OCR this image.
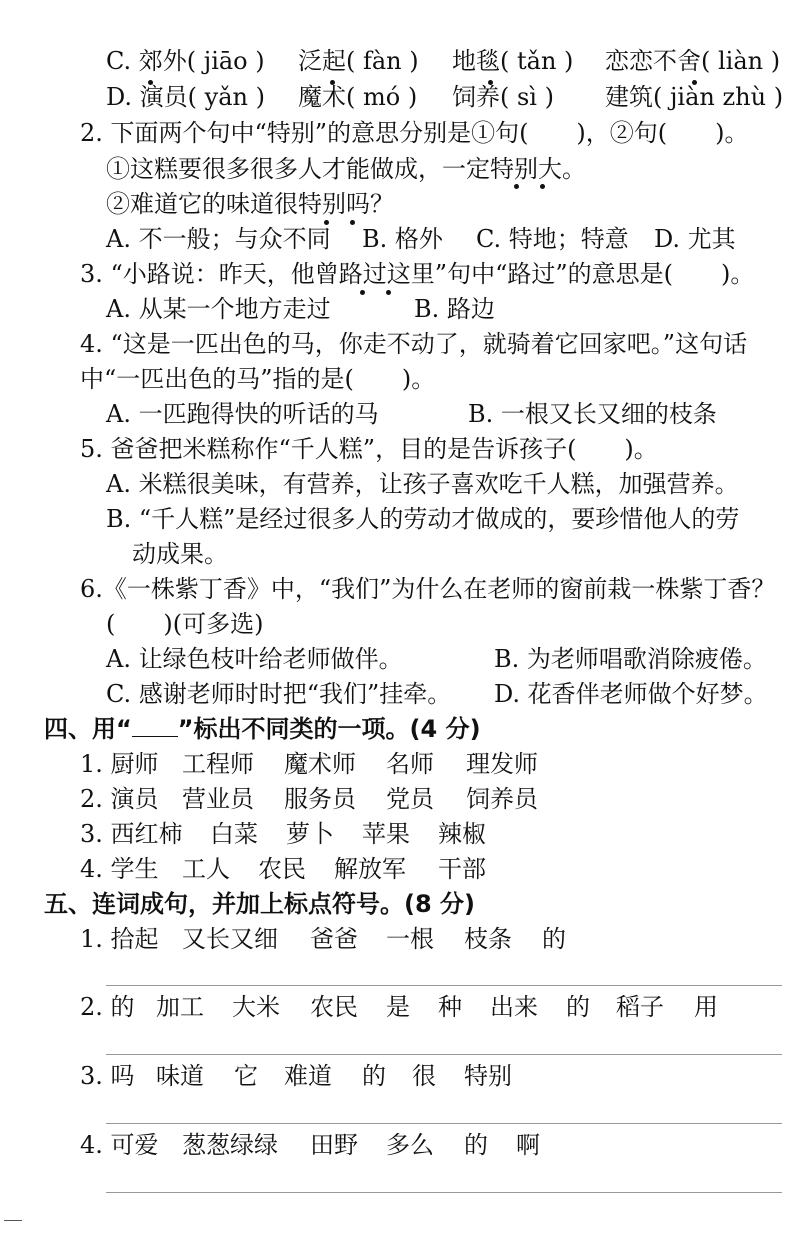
C. 郊外( jiāo ) 泛起( fàn ) 地毯( tǎn ) 恋恋不舍( liàn )
D. 演员( yǎn ) 魔术( mó ) 饲养( sì ) 建筑( jiàn zhù )
2. 下面两个句中“特别”的意思分别是①句(　　)，②句(　　)。
①这糕要很多很多人才能做成，一定特别大。
②难道它的味道很特别吗？
A. 不一般；与众不同 B. 格外 C. 特地；特意 D. 尤其
3. “小路说：昨天，他曾路过这里”句中“路过”的意思是(　　)。
A. 从某一个地方走过	B. 路边
4. “这是一匹出色的马，你走不动了，就骑着它回家吧。”这句话
中“一匹出色的马”指的是(　　)。
A. 一匹跑得快的听话的马	B. 一根又长又细的枝条
5. 爸爸把米糕称作“千人糕”，目的是告诉孩子(　　)。
A. 米糕很美味，有营养，让孩子喜欢吃千人糕，加强营养。
B. “千人糕”是经过很多人的劳动才做成的，要珍惜他人的劳
动成果。
6.《一株紫丁香》中，“我们”为什么在老师的窗前栽一株紫丁香？
(　　)(可多选)
A. 让绿色枝叶给老师做伴。	B. 为老师唱歌消除疲倦。
C. 感谢老师时时把“我们”挂牵。 D. 花香伴老师做个好梦。
四、用“ ”标出不同类的一项。(4 分)
1. 厨师 工程师 魔术师 名师 理发师
2. 演员 营业员 服务员 党员 饲养员
3. 西红柿 白菜 萝卜 苹果 辣椒
4. 学生 工人 农民 解放军 干部
五、连词成句，并加上标点符号。(8 分)
1. 拾起 又长又细 爸爸 一根 枝条 的
2. 的 加工 大米 农民 是 种 出来 的 稻子 用
3. 吗 味道 它 难道 的 很 特别
4. 可爱 葱葱绿绿 田野 多么 的 啊
